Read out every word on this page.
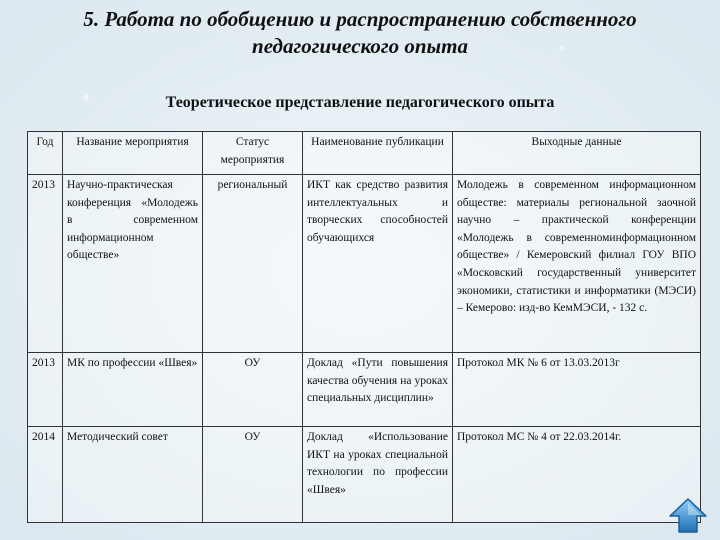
5. Работа по обобщению и распространению собственного педагогического опыта
Теоретическое представление педагогического опыта
Год	Название мероприятия	Статус мероприятия	Наименование публикации	Выходные данные
2013	Научно-практическая конференция «Молодежь в современном информационном обществе»	региональный	ИКТ как средство развития интеллектуальных и творческих способностей обучающихся	Молодежь в современном информационном обществе: материалы региональной заочной научно – практической конференции «Молодежь в современноминформационном обществе» / Кемеровский филиал ГОУ ВПО «Московский государственный университет экономики, статистики и информатики (МЭСИ) – Кемерово: изд-во КемМЭСИ, - 132 с.
2013	МК по профессии «Швея»	ОУ	Доклад «Пути повышения качества обучения на уроках специальных дисциплин»	Протокол МК № 6 от 13.03.2013г
2014	Методический совет	ОУ	Доклад «Использование ИКТ на уроках специальной технологии по профессии «Швея»	Протокол МС № 4 от 22.03.2014г.
